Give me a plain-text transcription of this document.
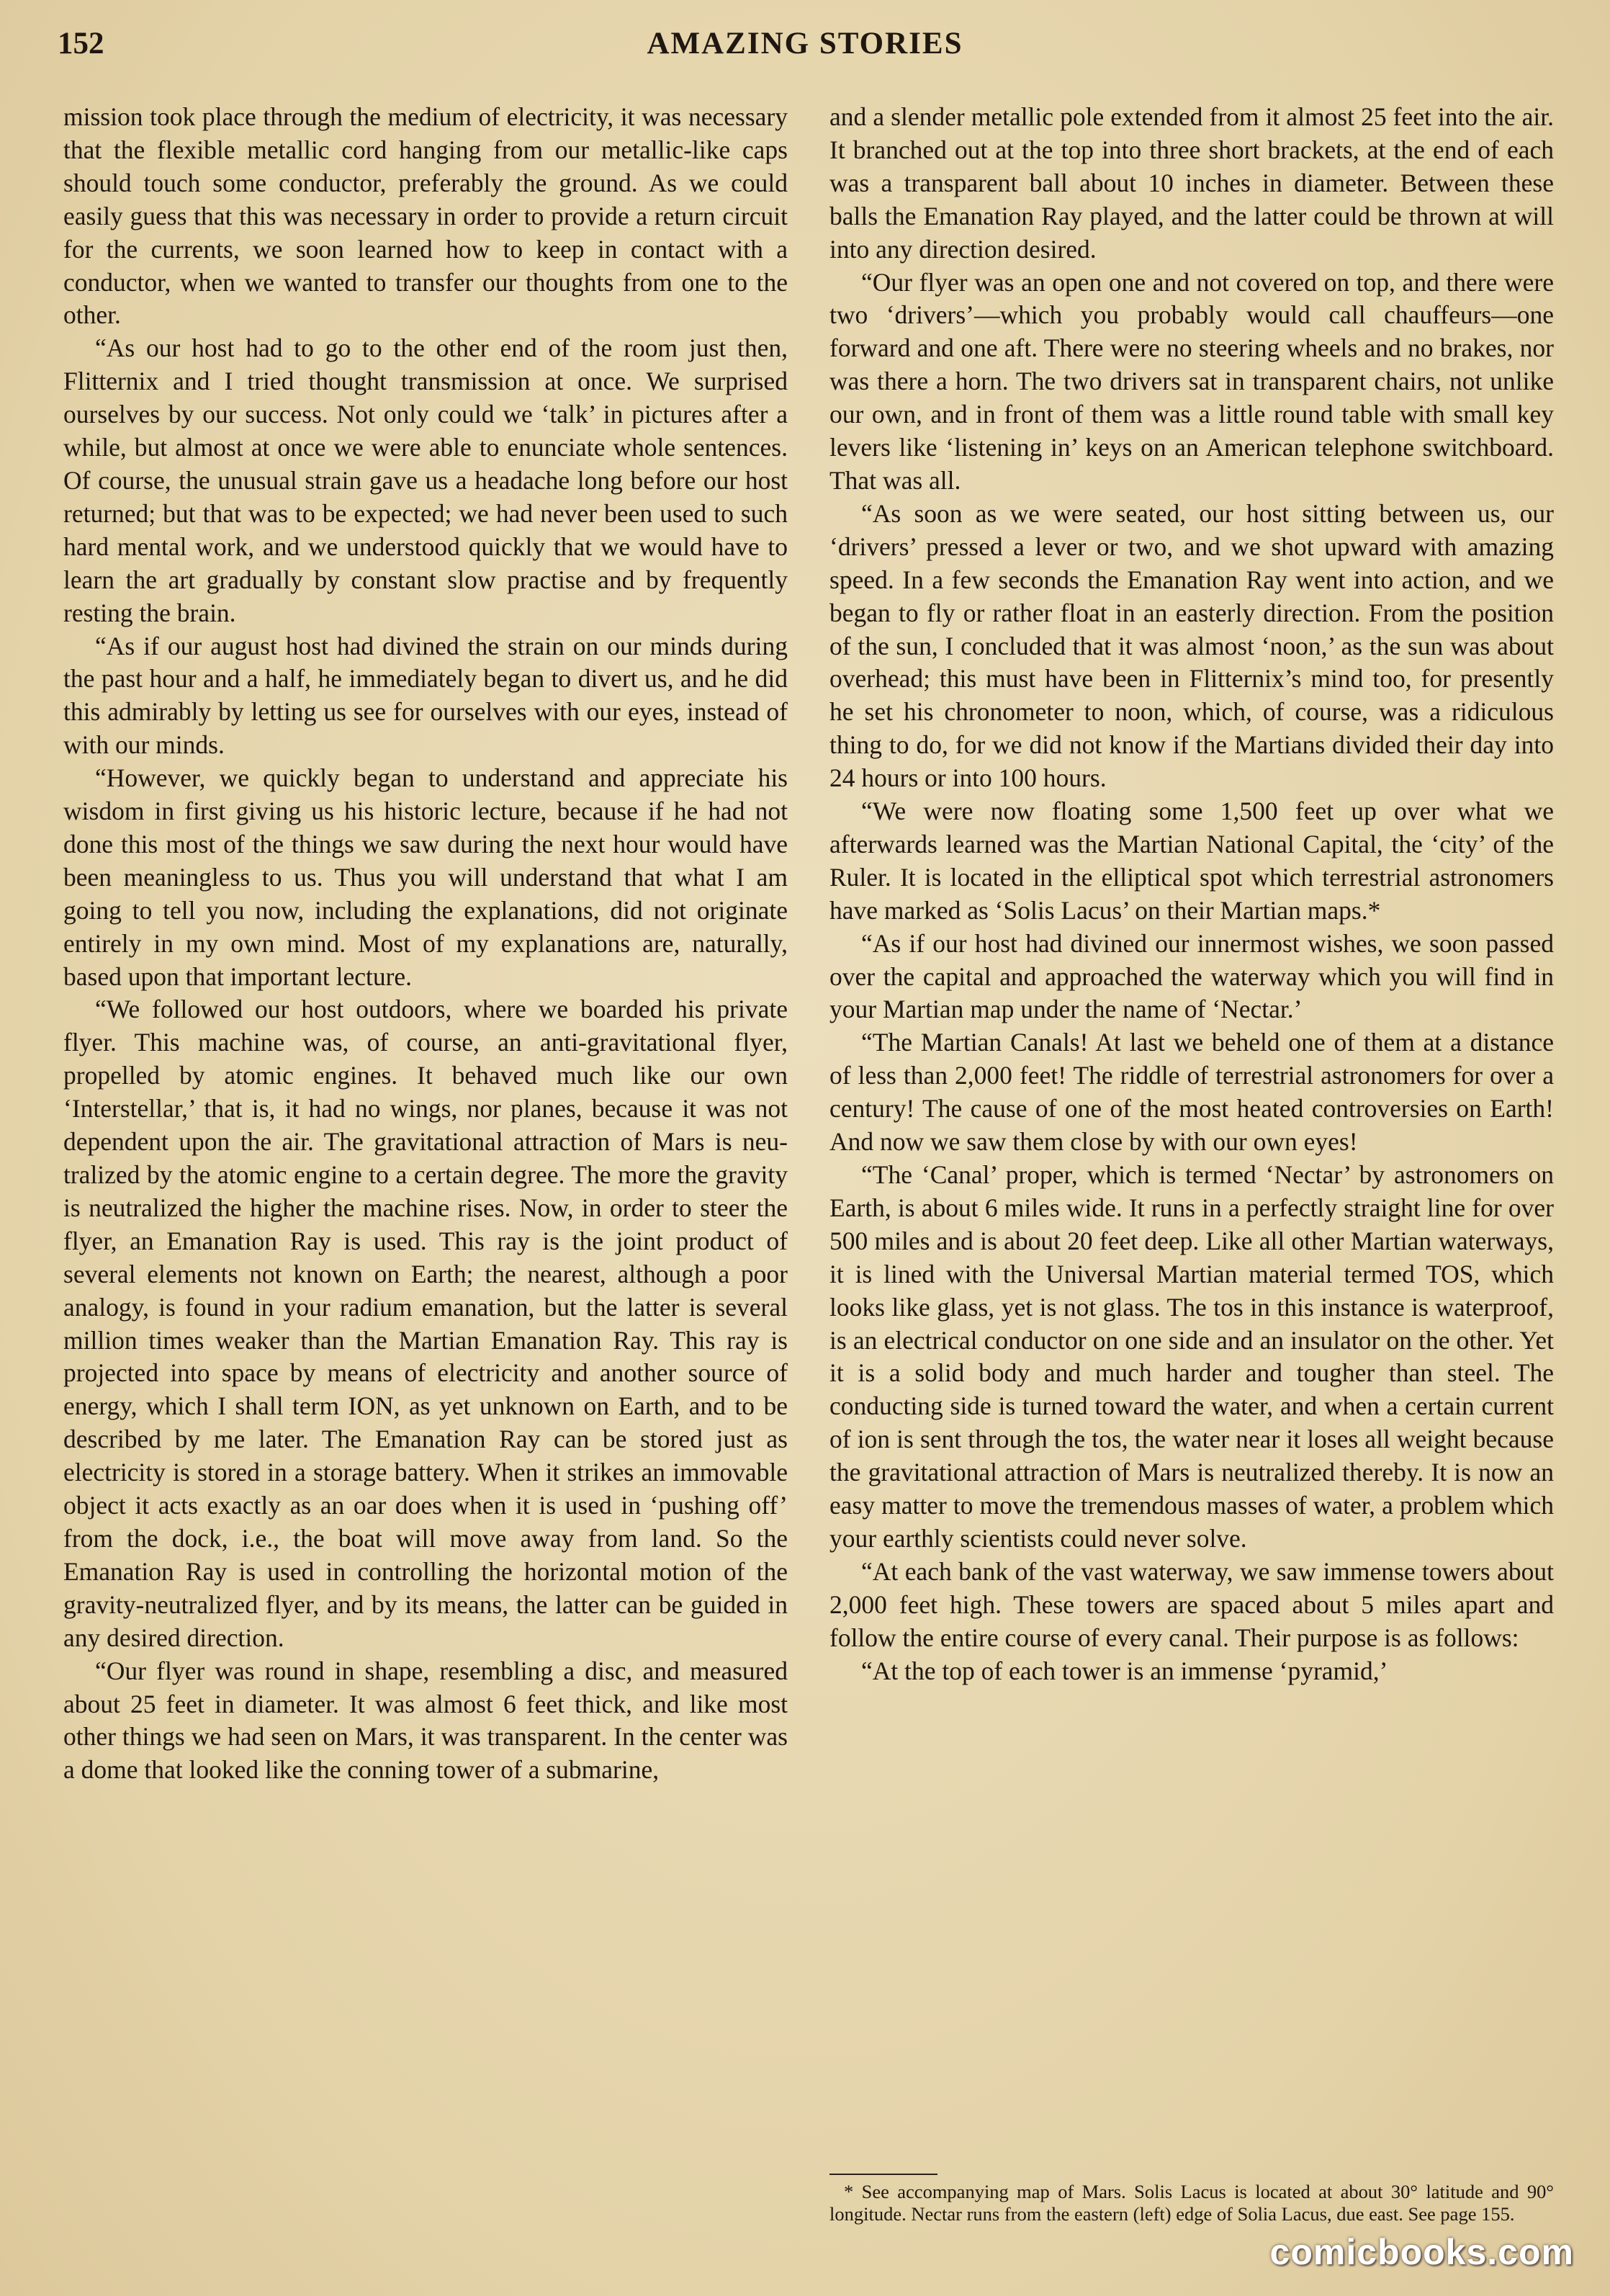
152	AMAZING STORIES

mission took place through the medium of electricity, it was necessary that the flexible metallic cord hanging from our metallic-like caps should touch some conductor, preferably the ground. As we could easily guess that this was necessary in order to provide a return circuit for the currents, we soon learned how to keep in contact with a conductor, when we wanted to transfer our thoughts from one to the other.

“As our host had to go to the other end of the room just then, Flitternix and I tried thought transmission at once. We surprised ourselves by our success. Not only could we ‘talk’ in pictures after a while, but almost at once we were able to enunciate whole sentences. Of course, the unusual strain gave us a headache long before our host returned; but that was to be expected; we had never been used to such hard mental work, and we understood quickly that we would have to learn the art gradually by constant slow practise and by frequently resting the brain.

“As if our august host had divined the strain on our minds during the past hour and a half, he immediately began to divert us, and he did this admirably by letting us see for ourselves with our eyes, instead of with our minds.

“However, we quickly began to understand and appreciate his wisdom in first giving us his historic lecture, because if he had not done this most of the things we saw during the next hour would have been meaningless to us. Thus you will understand that what I am going to tell you now, including the explanations, did not originate entirely in my own mind. Most of my explanations are, naturally, based upon that important lecture.

“We followed our host outdoors, where we boarded his private flyer. This machine was, of course, an anti-gravitational flyer, propelled by atomic engines. It behaved much like our own ‘Interstellar,’ that is, it had no wings, nor planes, because it was not dependent upon the air. The gravitational attraction of Mars is neutralized by the atomic engine to a certain degree. The more the gravity is neutralized the higher the machine rises. Now, in order to steer the flyer, an Emanation Ray is used. This ray is the joint product of several elements not known on Earth; the nearest, although a poor analogy, is found in your radium emanation, but the latter is several million times weaker than the Martian Emanation Ray. This ray is projected into space by means of electricity and another source of energy, which I shall term ION, as yet unknown on Earth, and to be described by me later. The Emanation Ray can be stored just as electricity is stored in a storage battery. When it strikes an immovable object it acts exactly as an oar does when it is used in ‘pushing off’ from the dock, i.e., the boat will move away from land. So the Emanation Ray is used in controlling the horizontal motion of the gravity-neutralized flyer, and by its means, the latter can be guided in any desired direction.

“Our flyer was round in shape, resembling a disc, and measured about 25 feet in diameter. It was almost 6 feet thick, and like most other things we had seen on Mars, it was transparent. In the center was a dome that looked like the conning tower of a submarine,

and a slender metallic pole extended from it almost 25 feet into the air. It branched out at the top into three short brackets, at the end of each was a transparent ball about 10 inches in diameter. Between these balls the Emanation Ray played, and the latter could be thrown at will into any direction desired.

“Our flyer was an open one and not covered on top, and there were two ‘drivers’—which you probably would call chauffeurs—one forward and one aft. There were no steering wheels and no brakes, nor was there a horn. The two drivers sat in transparent chairs, not unlike our own, and in front of them was a little round table with small key levers like ‘listening in’ keys on an American telephone switchboard. That was all.

“As soon as we were seated, our host sitting between us, our ‘drivers’ pressed a lever or two, and we shot upward with amazing speed. In a few seconds the Emanation Ray went into action, and we began to fly or rather float in an easterly direction. From the position of the sun, I concluded that it was almost ‘noon,’ as the sun was about overhead; this must have been in Flitternix’s mind too, for presently he set his chronometer to noon, which, of course, was a ridiculous thing to do, for we did not know if the Martians divided their day into 24 hours or into 100 hours.

“We were now floating some 1,500 feet up over what we afterwards learned was the Martian National Capital, the ‘city’ of the Ruler. It is located in the elliptical spot which terrestrial astronomers have marked as ‘Solis Lacus’ on their Martian maps.*

“As if our host had divined our innermost wishes, we soon passed over the capital and approached the waterway which you will find in your Martian map under the name of ‘Nectar.’

“The Martian Canals! At last we beheld one of them at a distance of less than 2,000 feet! The riddle of terrestrial astronomers for over a century! The cause of one of the most heated controversies on Earth! And now we saw them close by with our own eyes!

“The ‘Canal’ proper, which is termed ‘Nectar’ by astronomers on Earth, is about 6 miles wide. It runs in a perfectly straight line for over 500 miles and is about 20 feet deep. Like all other Martian waterways, it is lined with the Universal Martian material termed TOS, which looks like glass, yet is not glass. The tos in this instance is waterproof, is an electrical conductor on one side and an insulator on the other. Yet it is a solid body and much harder and tougher than steel. The conducting side is turned toward the water, and when a certain current of ion is sent through the tos, the water near it loses all weight because the gravitational attraction of Mars is neutralized thereby. It is now an easy matter to move the tremendous masses of water, a problem which your earthly scientists could never solve.

“At each bank of the vast waterway, we saw immense towers about 2,000 feet high. These towers are spaced about 5 miles apart and follow the entire course of every canal. Their purpose is as follows:

“At the top of each tower is an immense ‘pyramid,’

* See accompanying map of Mars. Solis Lacus is located at about 30° latitude and 90° longitude. Nectar runs from the eastern (left) edge of Solia Lacus, due east. See page 155.

comicbooks.com
